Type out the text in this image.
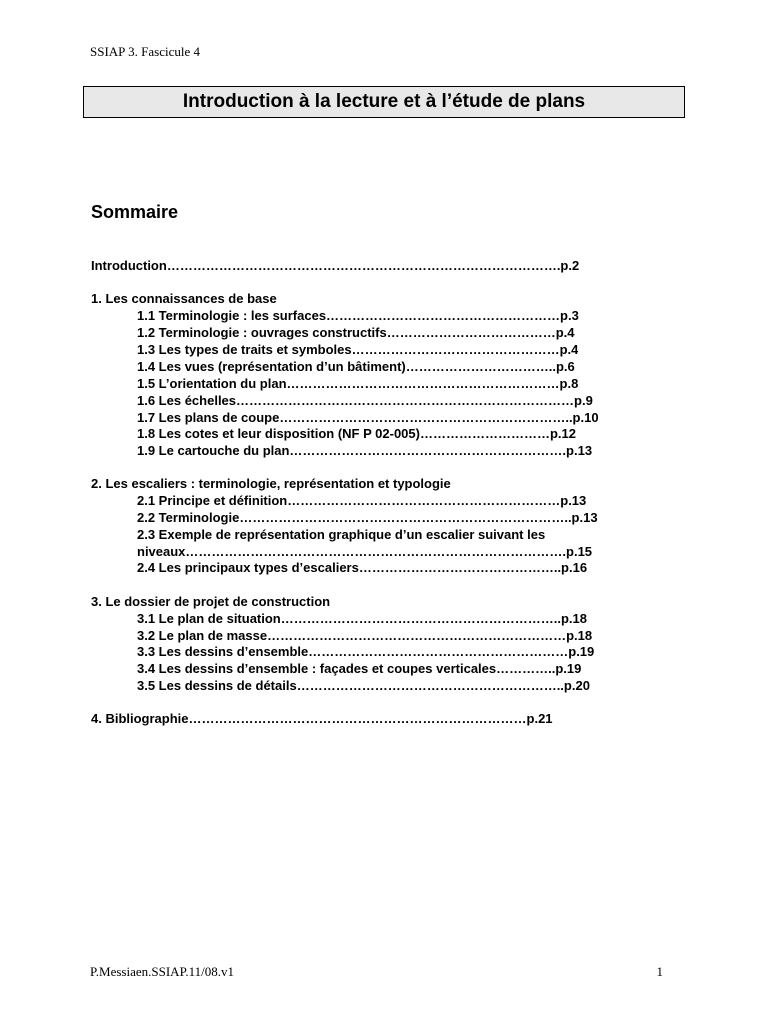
SSIAP 3. Fascicule 4
Introduction à la lecture et à l’étude de plans
Sommaire
Introduction……………………………………………………………………………….p.2
1. Les connaissances de base
1.1 Terminologie : les surfaces………………………………………………p.3
1.2 Terminologie : ouvrages constructifs…………………………………p.4
1.3 Les types de traits et symboles…………………………………………p.4
1.4 Les vues (représentation d’un bâtiment)……………………………..p.6
1.5 L’orientation du plan………………………………………………………p.8
1.6 Les échelles……………………………………………………………………p.9
1.7 Les plans de coupe…………………………………………………………..p.10
1.8 Les cotes et leur disposition (NF P 02-005)…………………………p.12
1.9 Le cartouche du plan……………………………………………………….p.13
2. Les escaliers : terminologie, représentation et typologie
2.1 Principe et définition………………………………………………………p.13
2.2 Terminologie…………………………………………………………………..p.13
2.3 Exemple de représentation graphique d’un escalier suivant les
niveaux…………………………………………………………………………….p.15
2.4 Les principaux types d’escaliers………………………………………..p.16
3. Le dossier de projet de construction
3.1 Le plan de situation………………………………………………………..p.18
3.2 Le plan de masse……………………………………………………………p.18
3.3 Les dessins d’ensemble……………………………………………………p.19
3.4 Les dessins d’ensemble : façades et coupes verticales…………..p.19
3.5 Les dessins de détails……………………………………………………..p.20
4. Bibliographie……………………………………………………………………p.21
P.Messiaen.SSIAP.11/08.v1	1
